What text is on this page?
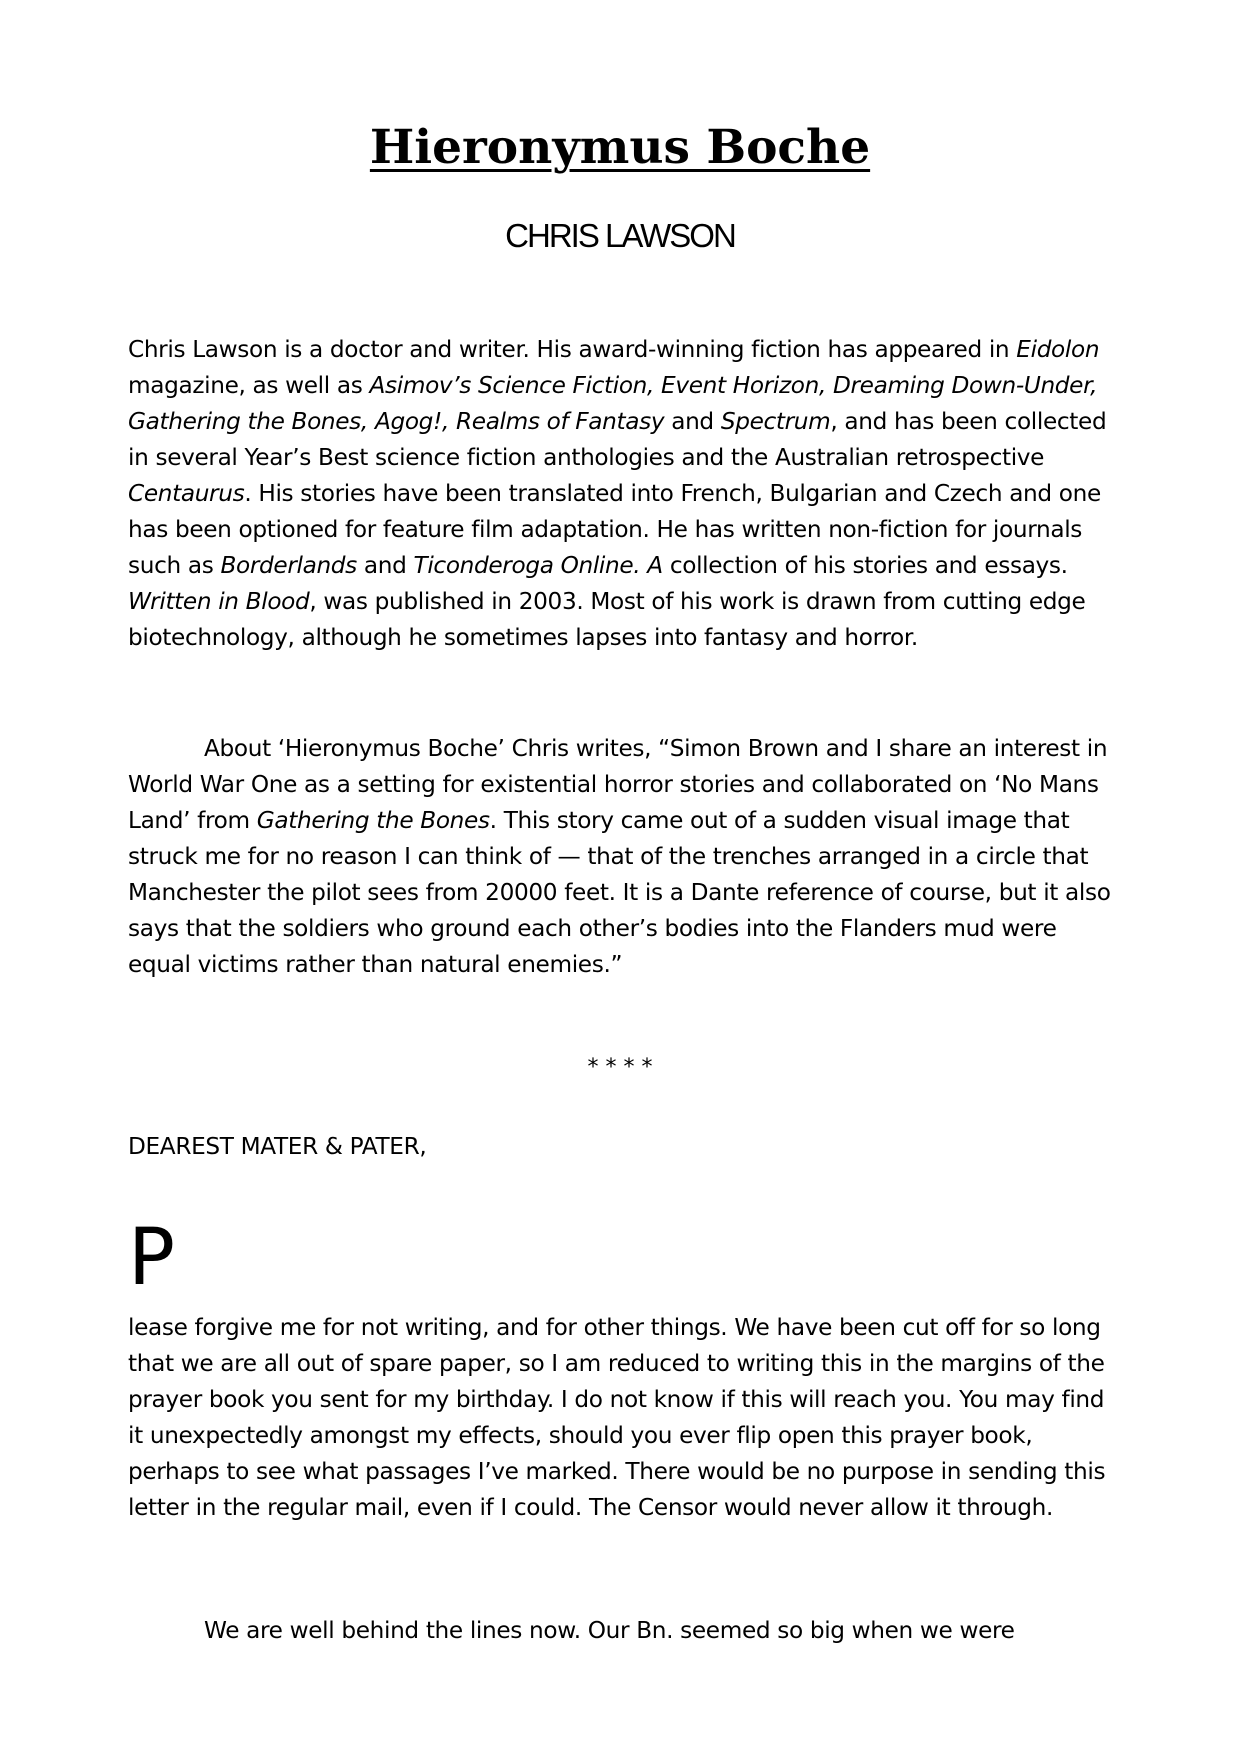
Hieronymus Boche
CHRIS LAWSON

Chris Lawson is a doctor and writer. His award-winning fiction has appeared in Eidolon magazine, as well as Asimov’s Science Fiction, Event Horizon, Dreaming Down-Under, Gathering the Bones, Agog!, Realms of Fantasy and Spectrum, and has been collected in several Year’s Best science fiction anthologies and the Australian retrospective Centaurus. His stories have been translated into French, Bulgarian and Czech and one has been optioned for feature film adaptation. He has written non-fiction for journals such as Borderlands and Ticonderoga Online. A collection of his stories and essays. Written in Blood, was published in 2003. Most of his work is drawn from cutting edge biotechnology, although he sometimes lapses into fantasy and horror.

About ‘Hieronymus Boche’ Chris writes, “Simon Brown and I share an interest in World War One as a setting for existential horror stories and collaborated on ‘No Mans Land’ from Gathering the Bones. This story came out of a sudden visual image that struck me for no reason I can think of — that of the trenches arranged in a circle that Manchester the pilot sees from 20000 feet. It is a Dante reference of course, but it also says that the soldiers who ground each other’s bodies into the Flanders mud were equal victims rather than natural enemies.”

* * * *

DEAREST MATER & PATER,

P

lease forgive me for not writing, and for other things. We have been cut off for so long that we are all out of spare paper, so I am reduced to writing this in the margins of the prayer book you sent for my birthday. I do not know if this will reach you. You may find it unexpectedly amongst my effects, should you ever flip open this prayer book, perhaps to see what passages I’ve marked. There would be no purpose in sending this letter in the regular mail, even if I could. The Censor would never allow it through.

We are well behind the lines now. Our Bn. seemed so big when we were
